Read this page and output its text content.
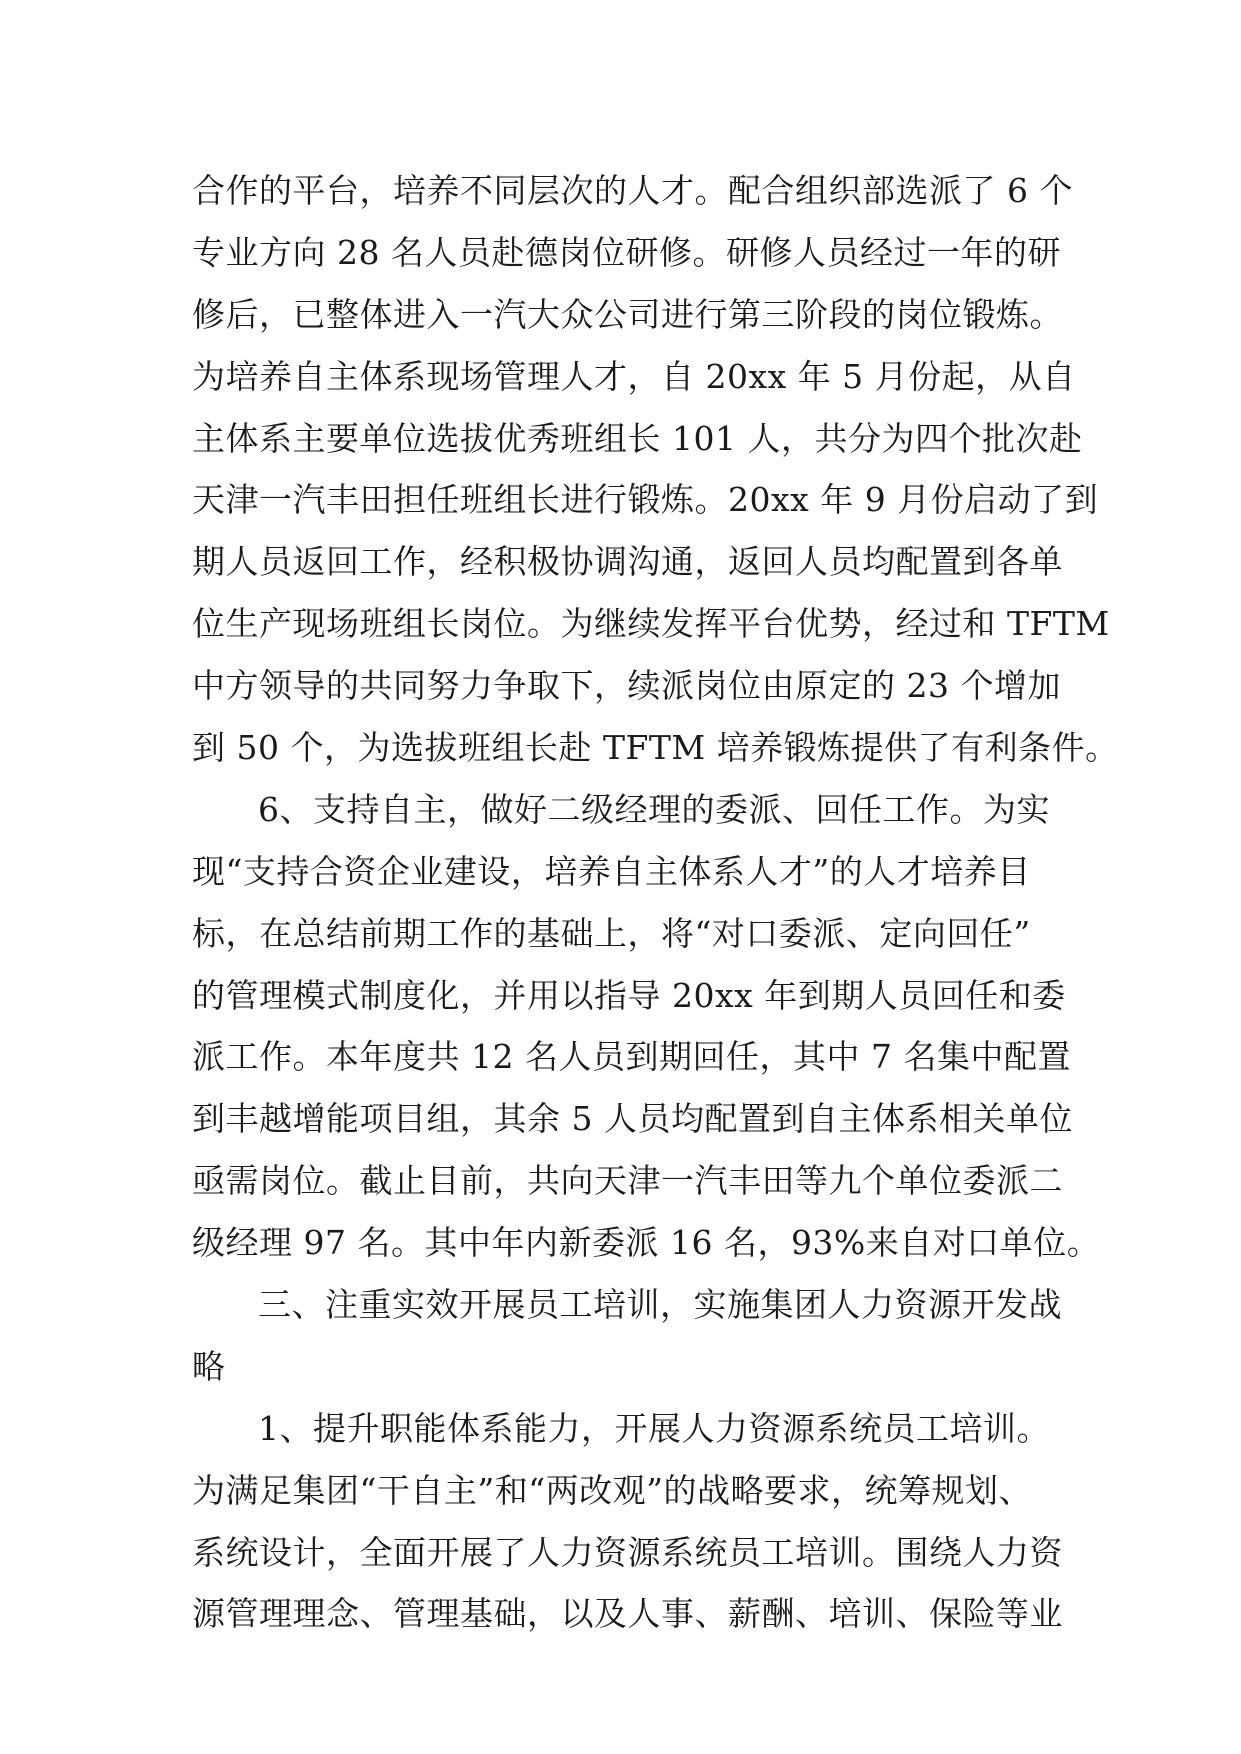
合作的平台，培养不同层次的人才。配合组织部选派了 6 个
专业方向 28 名人员赴德岗位研修。研修人员经过一年的研
修后，已整体进入一汽大众公司进行第三阶段的岗位锻炼。
为培养自主体系现场管理人才，自 20xx 年 5 月份起，从自
主体系主要单位选拔优秀班组长 101 人，共分为四个批次赴
天津一汽丰田担任班组长进行锻炼。20xx 年 9 月份启动了到
期人员返回工作，经积极协调沟通，返回人员均配置到各单
位生产现场班组长岗位。为继续发挥平台优势，经过和 TFTM
中方领导的共同努力争取下，续派岗位由原定的 23 个增加
到 50 个，为选拔班组长赴 TFTM 培养锻炼提供了有利条件。
6、支持自主，做好二级经理的委派、回任工作。为实
现“支持合资企业建设，培养自主体系人才”的人才培养目
标，在总结前期工作的基础上，将“对口委派、定向回任”
的管理模式制度化，并用以指导 20xx 年到期人员回任和委
派工作。本年度共 12 名人员到期回任，其中 7 名集中配置
到丰越增能项目组，其余 5 人员均配置到自主体系相关单位
亟需岗位。截止目前，共向天津一汽丰田等九个单位委派二
级经理 97 名。其中年内新委派 16 名，93%来自对口单位。
三、注重实效开展员工培训，实施集团人力资源开发战
略
1、提升职能体系能力，开展人力资源系统员工培训。
为满足集团“干自主”和“两改观”的战略要求，统筹规划、
系统设计，全面开展了人力资源系统员工培训。围绕人力资
源管理理念、管理基础，以及人事、薪酬、培训、保险等业
